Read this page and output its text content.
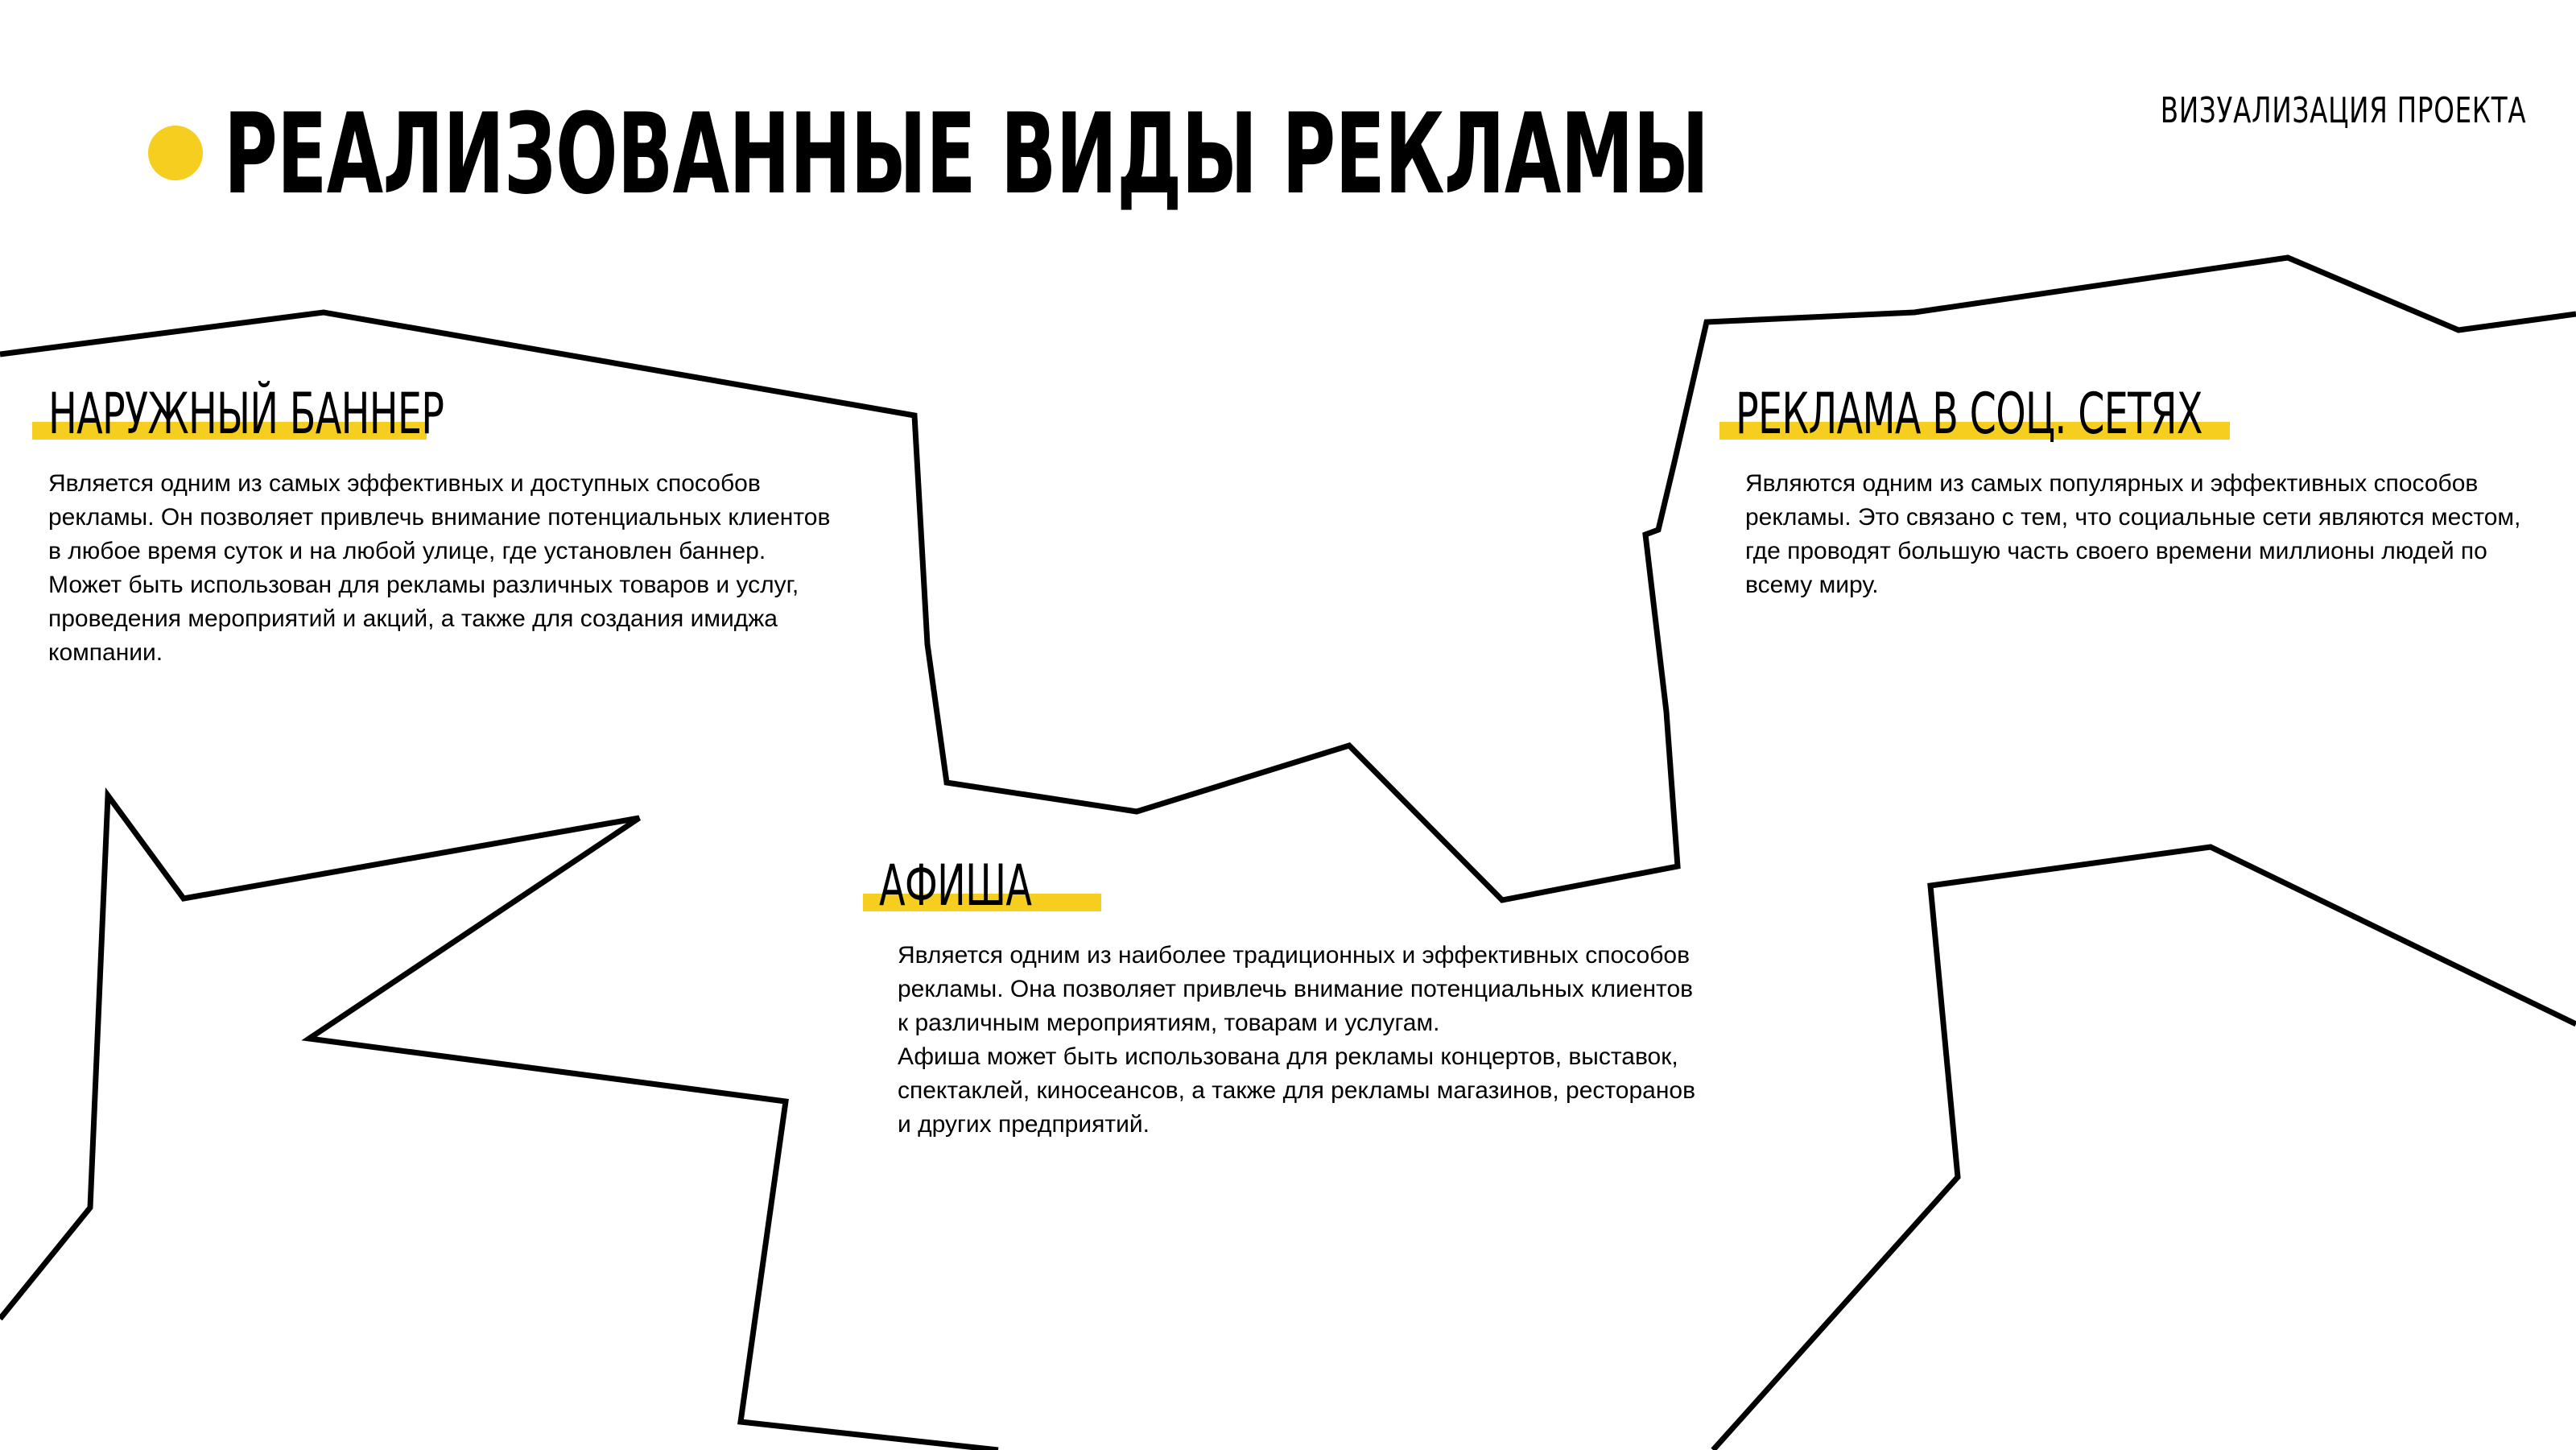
РЕАЛИЗОВАННЫЕ ВИДЫ РЕКЛАМЫ	ВИЗУАЛИЗАЦИЯ ПРОЕКТА
НАРУЖНЫЙ БАННЕР

Является одним из самых эффективных и доступных способов рекламы. Он позволяет привлечь внимание потенциальных клиентов в любое время суток и на любой улице, где установлен баннер.

Может быть использован для рекламы различных товаров и услуг, проведения мероприятий и акций, а также для создания имиджа компании.

АФИША

Является одним из наиболее традиционных и эффективных способов рекламы. Она позволяет привлечь внимание потенциальных клиентов к различным мероприятиям, товарам и услугам.

Афиша может быть использована для рекламы концертов, выставок, спектаклей, киносеансов, а также для рекламы магазинов, ресторанов и других предприятий.

РЕКЛАМА В СОЦ. СЕТЯХ

Являются одним из самых популярных и эффективных способов рекламы. Это связано с тем, что социальные сети являются местом, где проводят большую часть своего времени миллионы людей по всему миру.
